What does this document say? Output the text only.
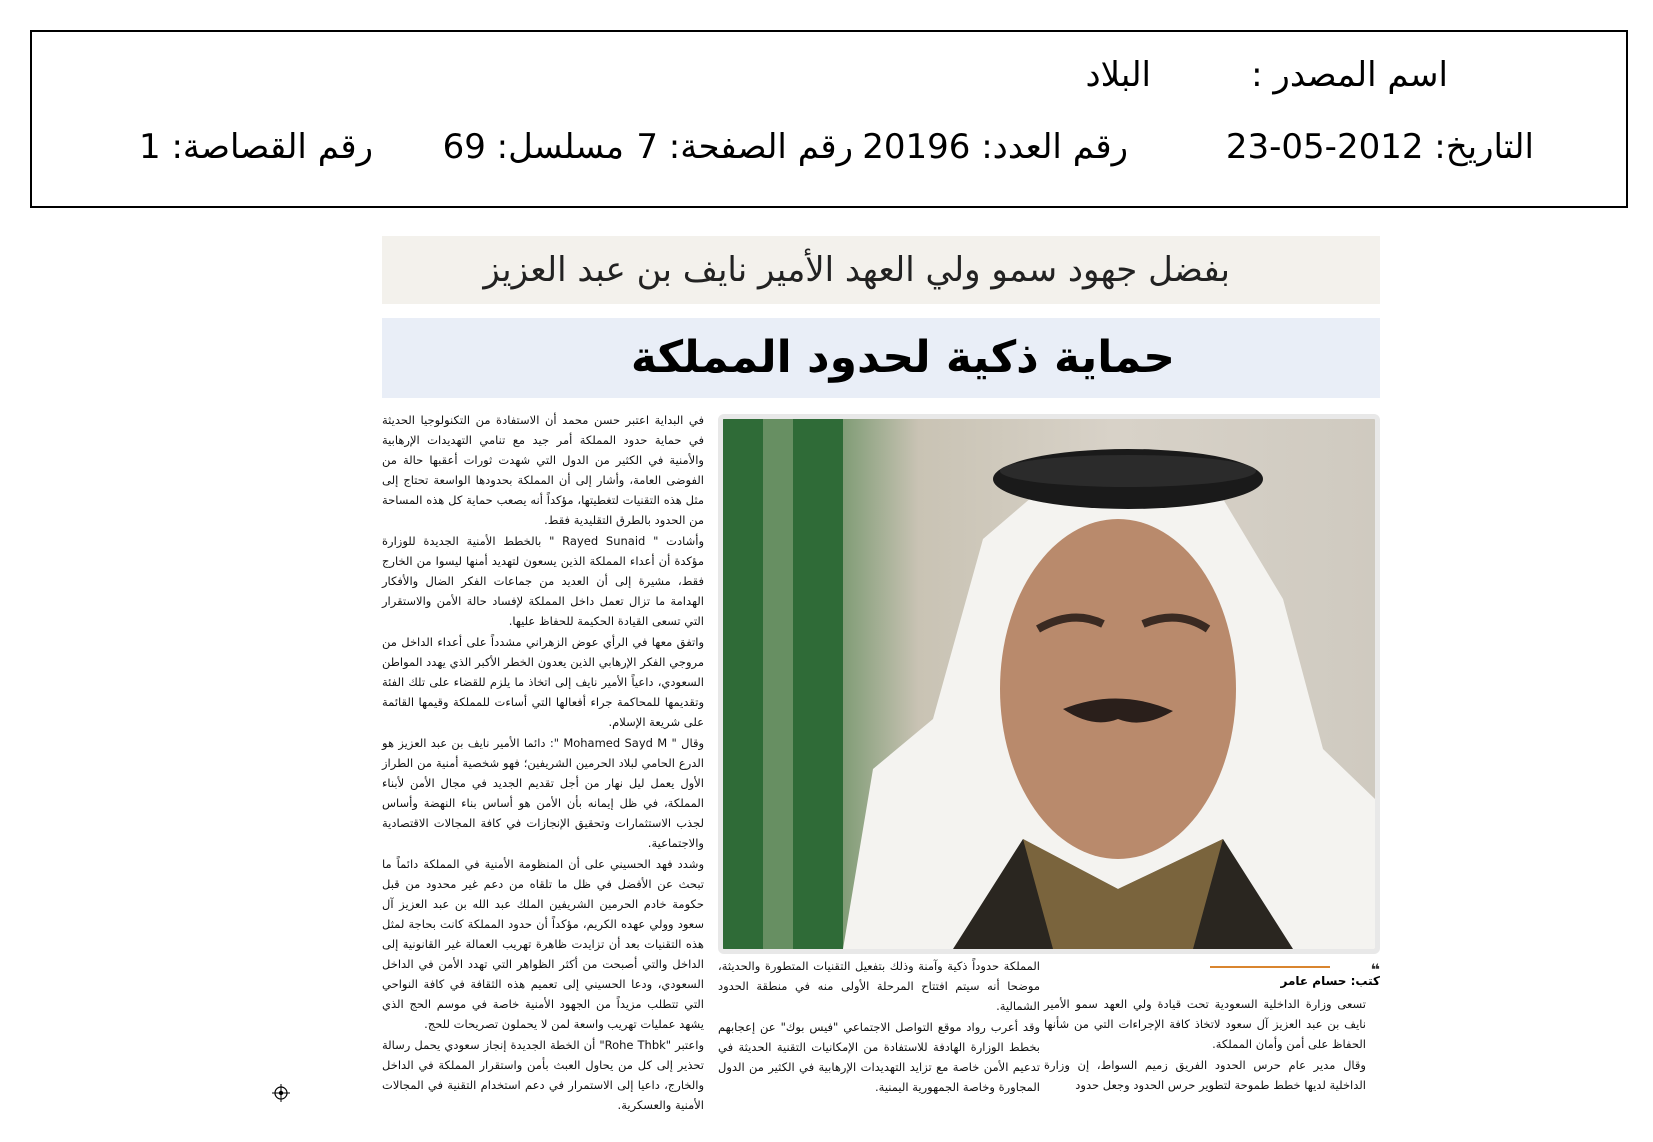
اسم المصدر :
البلاد
التاريخ: 2012-05-23
رقم العدد: 20196
رقم الصفحة: 7
مسلسل: 69
رقم القصاصة: 1
بفضل جهود سمو ولي العهد الأمير نايف بن عبد العزيز
حماية ذكية لحدود المملكة

في البداية اعتبر حسن محمد أن الاستفادة من التكنولوجيا الحديثة في حماية حدود المملكة أمر جيد مع تنامي التهديدات الإرهابية والأمنية في الكثير من الدول التي شهدت ثورات أعقبها حالة من الفوضى العامة، وأشار إلى أن المملكة بحدودها الواسعة تحتاج إلى مثل هذه التقنيات لتغطيتها، مؤكداً أنه يصعب حماية كل هذه المساحة من الحدود بالطرق التقليدية فقط.

وأشادت " Rayed Sunaid " بالخطط الأمنية الجديدة للوزارة مؤكدة أن أعداء المملكة الذين يسعون لتهديد أمنها ليسوا من الخارج فقط، مشيرة إلى أن العديد من جماعات الفكر الضال والأفكار الهدامة ما تزال تعمل داخل المملكة لإفساد حالة الأمن والاستقرار التي تسعى القيادة الحكيمة للحفاظ عليها.

واتفق معها في الرأي عوض الزهراني مشدداً على أعداء الداخل من مروجي الفكر الإرهابي الذين يعدون الخطر الأكبر الذي يهدد المواطن السعودي، داعياً الأمير نايف إلى اتخاذ ما يلزم للقضاء على تلك الفئة وتقديمها للمحاكمة جراء أفعالها التي أساءت للمملكة وقيمها القائمة على شريعة الإسلام.

وقال " Mohamed Sayd M ": دائما الأمير نايف بن عبد العزيز هو الدرع الحامي لبلاد الحرمين الشريفين؛ فهو شخصية أمنية من الطراز الأول يعمل ليل نهار من أجل تقديم الجديد في مجال الأمن لأبناء المملكة، في ظل إيمانه بأن الأمن هو أساس بناء النهضة وأساس لجذب الاستثمارات وتحقيق الإنجازات في كافة المجالات الاقتصادية والاجتماعية.

وشدد فهد الحسيني على أن المنظومة الأمنية في المملكة دائماً ما تبحث عن الأفضل في ظل ما تلقاه من دعم غير محدود من قبل حكومة خادم الحرمين الشريفين الملك عبد الله بن عبد العزيز آل سعود وولي عهده الكريم، مؤكداً أن حدود المملكة كانت بحاجة لمثل هذه التقنيات بعد أن تزايدت ظاهرة تهريب العمالة غير القانونية إلى الداخل والتي أصبحت من أكثر الظواهر التي تهدد الأمن في الداخل السعودي، ودعا الحسيني إلى تعميم هذه الثقافة في كافة النواحي التي تتطلب مزيداً من الجهود الأمنية خاصة في موسم الحج الذي يشهد عمليات تهريب واسعة لمن لا يحملون تصريحات للحج.

واعتبر "Rohe Thbk" أن الخطة الجديدة إنجاز سعودي يحمل رسالة تحذير إلى كل من يحاول العبث بأمن واستقرار المملكة في الداخل والخارج، داعيا إلى الاستمرار في دعم استخدام التقنية في المجالات الأمنية والعسكرية.

❝
كتب: حسام عامر

تسعى وزارة الداخلية السعودية تحت قيادة ولي العهد سمو الأمير نايف بن عبد العزيز آل سعود لاتخاذ كافة الإجراءات التي من شأنها الحفاظ على أمن وأمان المملكة.

وقال مدير عام حرس الحدود الفريق زميم السواط، إن وزارة الداخلية لديها خطط طموحة لتطوير حرس الحدود وجعل حدود

المملكة حدوداً ذكية وآمنة وذلك بتفعيل التقنيات المتطورة والحديثة، موضحا أنه سيتم افتتاح المرحلة الأولى منه في منطقة الحدود الشمالية.

وقد أعرب رواد موقع التواصل الاجتماعي "فيس بوك" عن إعجابهم بخطط الوزارة الهادفة للاستفادة من الإمكانيات التقنية الحديثة في تدعيم الأمن خاصة مع تزايد التهديدات الإرهابية في الكثير من الدول المجاورة وخاصة الجمهورية اليمنية.
